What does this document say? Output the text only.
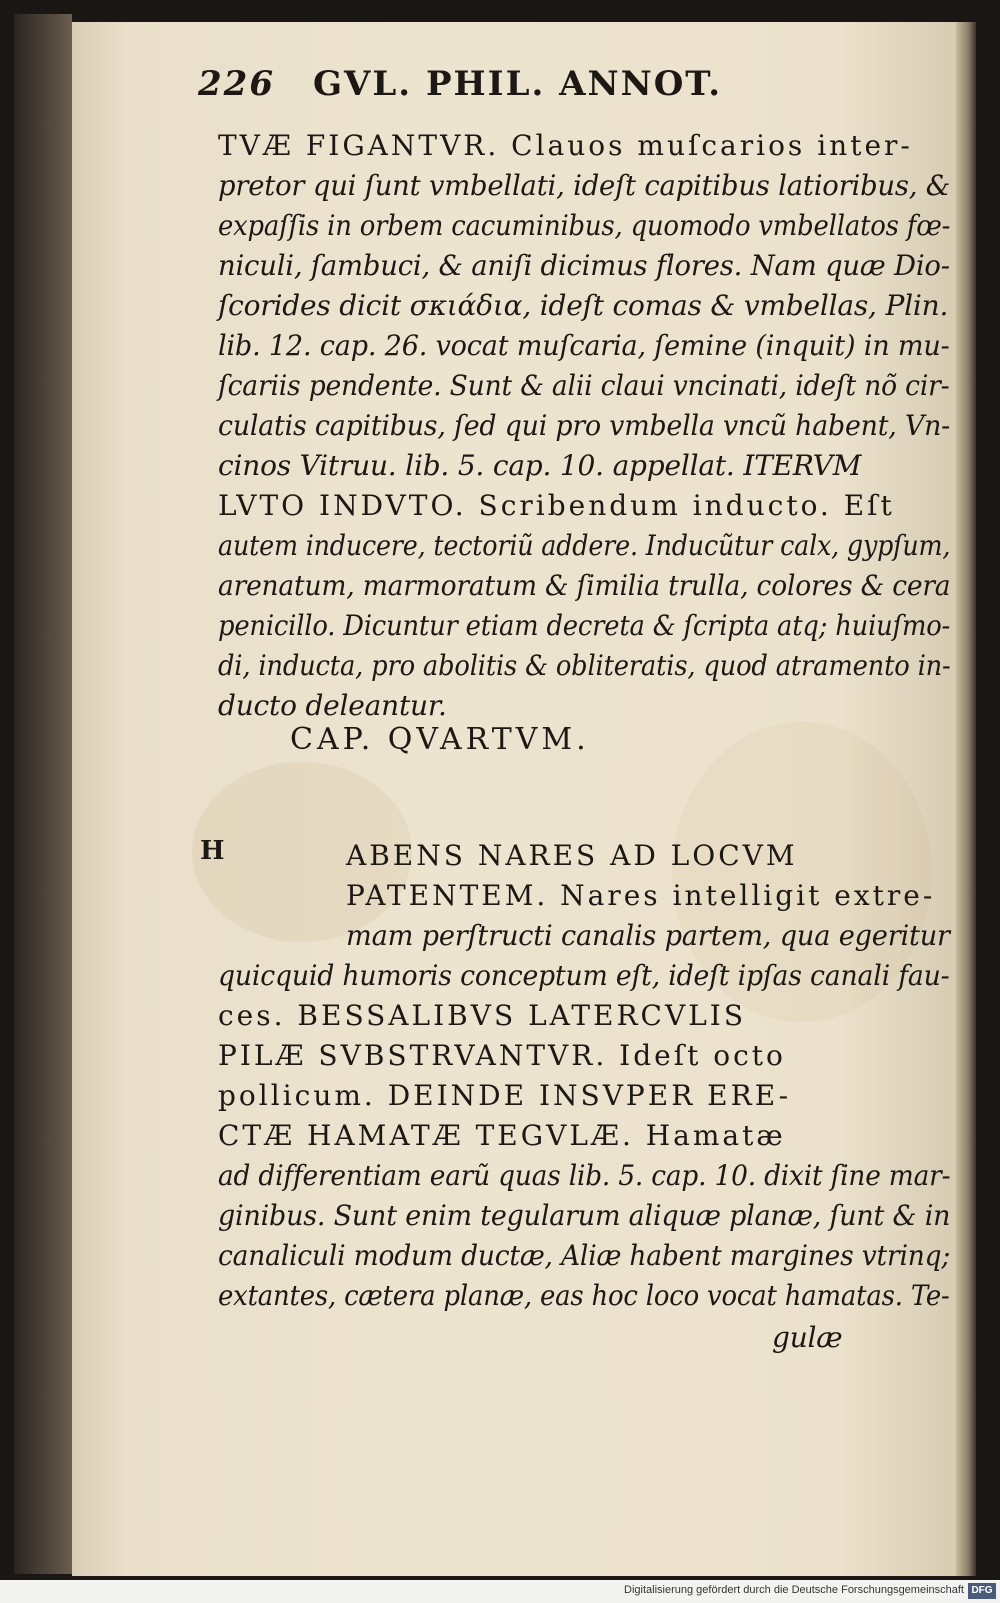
226 GVL. PHIL. ANNOT.
TVÆ FIGANTVR. Clauos muſcarios inter-
pretor qui ſunt vmbellati, ideſt capitibus latioribus, &
expaſſis in orbem cacuminibus, quomodo vmbellatos fœ-
niculi, ſambuci, & aniſi dicimus flores. Nam quæ Dio-
ſcorides dicit σκιάδια, ideſt comas & vmbellas, Plin.
lib. 12. cap. 26. vocat muſcaria, ſemine (inquit) in mu-
ſcariis pendente. Sunt & alii claui vncinati, ideſt nõ cir-
culatis capitibus, ſed qui pro vmbella vncũ habent, Vn-
cinos Vitruu. lib. 5. cap. 10. appellat. ITERVM
LVTO INDVTO. Scribendum inducto. Eſt
autem inducere, tectoriũ addere. Inducũtur calx, gypſum,
arenatum, marmoratum & ſimilia trulla, colores & cera
penicillo. Dicuntur etiam decreta & ſcripta atq; huiuſmo-
di, inducta, pro abolitis & obliteratis, quod atramento in-
ducto deleantur.
CAP. QVARTVM.
H	ABENS NARES AD LOCVM
PATENTEM. Nares intelligit extre-
mam perſtructi canalis partem, qua egeritur
quicquid humoris conceptum eſt, ideſt ipſas canali fau-
ces. BESSALIBVS LATERCVLIS
PILÆ SVBSTRVANTVR. Ideſt octo
pollicum. DEINDE INSVPER ERE-
CTÆ HAMATÆ TEGVLÆ. Hamatæ
ad differentiam earũ quas lib. 5. cap. 10. dixit ſine mar-
ginibus. Sunt enim tegularum aliquæ planæ, ſunt & in
canaliculi modum ductæ, Aliæ habent margines vtrinq;
extantes, cætera planæ, eas hoc loco vocat hamatas. Te-
gulæ
Digitalisierung gefördert durch die Deutsche Forschungsgemeinschaft DFG
